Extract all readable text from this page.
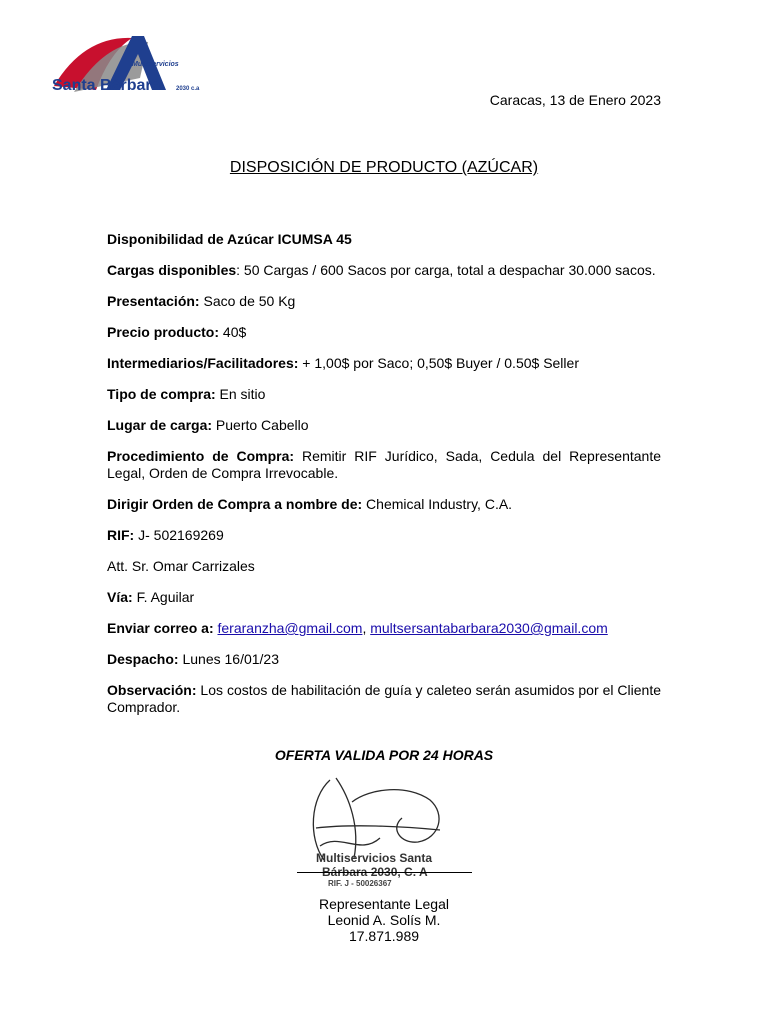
Multiservicios
Santa Bárbara	2030 c.a
Caracas, 13 de Enero 2023
DISPOSICIÓN DE PRODUCTO (AZÚCAR)

Disponibilidad de Azúcar ICUMSA 45

Cargas disponibles: 50 Cargas / 600 Sacos por carga, total a despachar 30.000 sacos.

Presentación: Saco de 50 Kg

Precio producto: 40$

Intermediarios/Facilitadores: + 1,00$ por Saco; 0,50$ Buyer / 0.50$ Seller

Tipo de compra: En sitio

Lugar de carga: Puerto Cabello

Procedimiento de Compra: Remitir RIF Jurídico, Sada, Cedula del Representante Legal, Orden de Compra Irrevocable.

Dirigir Orden de Compra a nombre de: Chemical Industry, C.A.

RIF: J- 502169269

Att. Sr. Omar Carrizales

Vía: F. Aguilar

Enviar correo a: feraranzha@gmail.com, multsersantabarbara2030@gmail.com

Despacho: Lunes 16/01/23

Observación: Los costos de habilitación de guía y caleteo serán asumidos por el Cliente Comprador.

OFERTA VALIDA POR 24 HORAS
Multiservicios Santa
Bárbara 2030, C. A
RIF. J - 50026367
Representante Legal
Leonid A. Solís M.
17.871.989
